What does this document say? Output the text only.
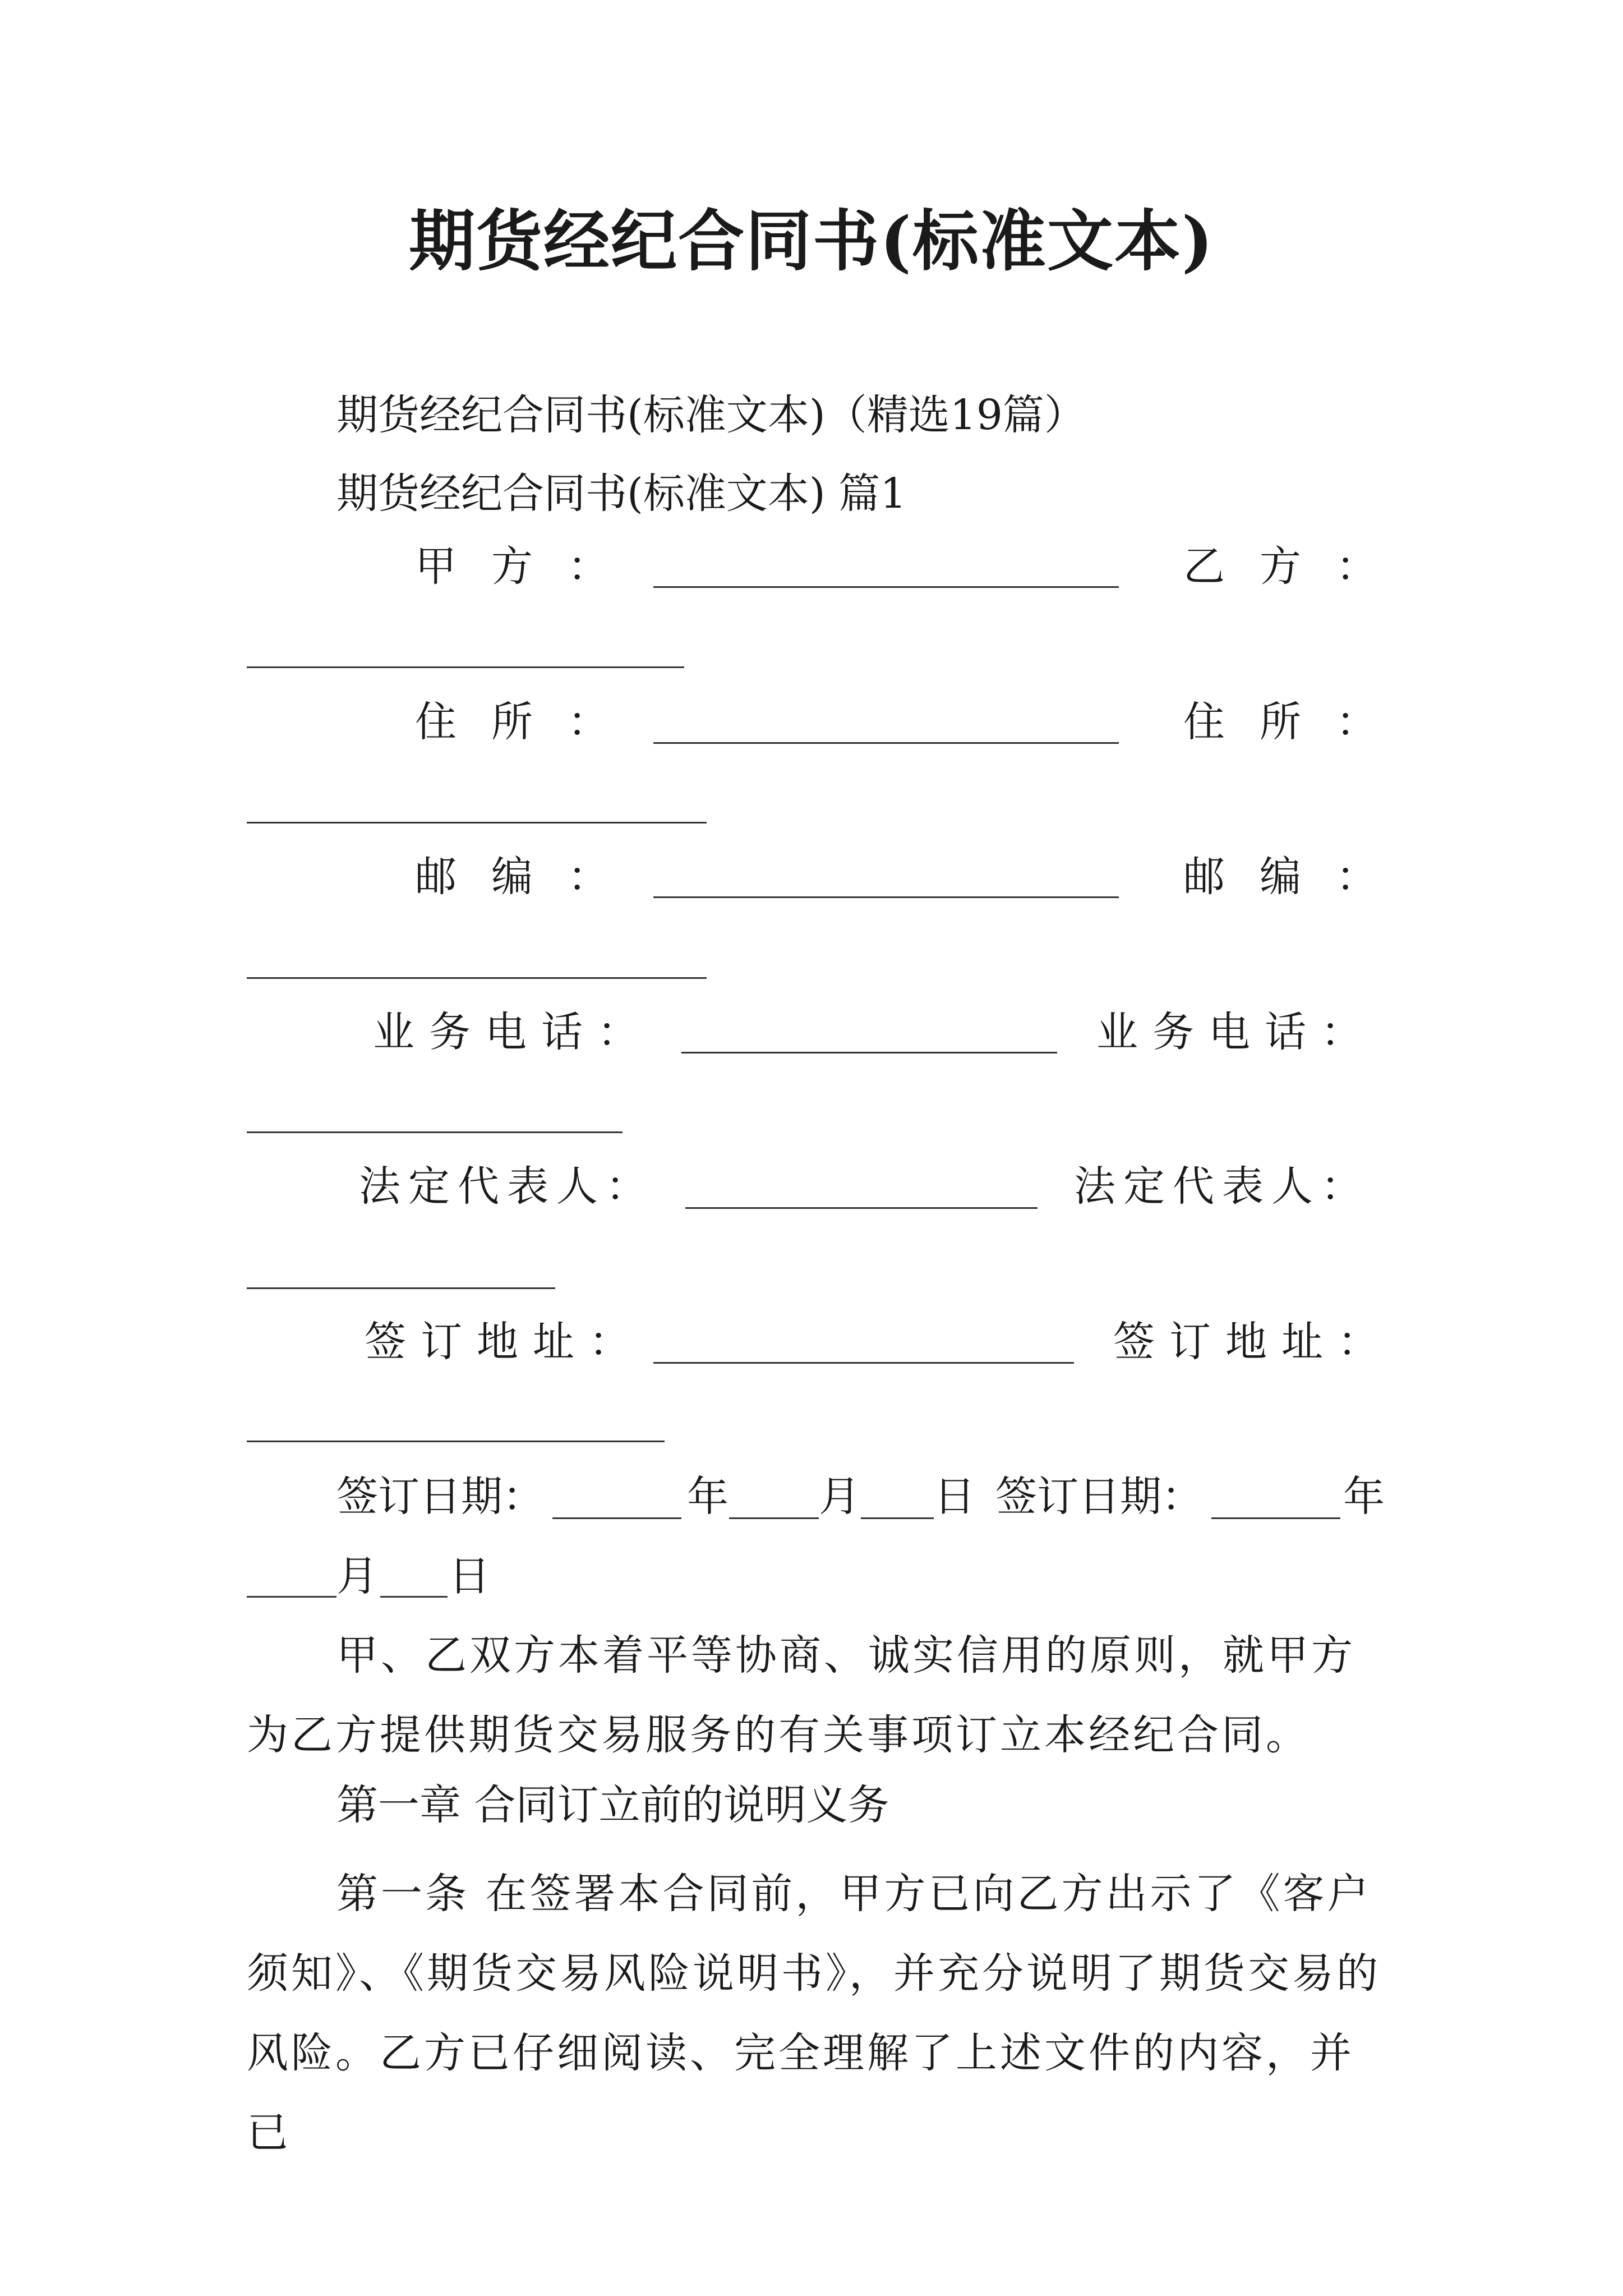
期货经纪合同书(标准文本)
期货经纪合同书(标准文本)（精选19篇）
期货经纪合同书(标准文本) 篇1
甲方：	乙方：
住所：	住所：
邮编：	邮编：
业务电话：	业务电话：
法定代表人：	法定代表人：
签订地址：	签订地址：
签订日期：	年 月 日 签订日期：	年
月 日
甲、乙双方本着平等协商、诚实信用的原则，就甲方为乙方提供期货交易服务的有关事项订立本经纪合同。
第一章 合同订立前的说明义务
第一条 在签署本合同前，甲方已向乙方出示了《客户须知》、《期货交易风险说明书》，并充分说明了期货交易的风险。乙方已仔细阅读、完全理解了上述文件的内容，并已
